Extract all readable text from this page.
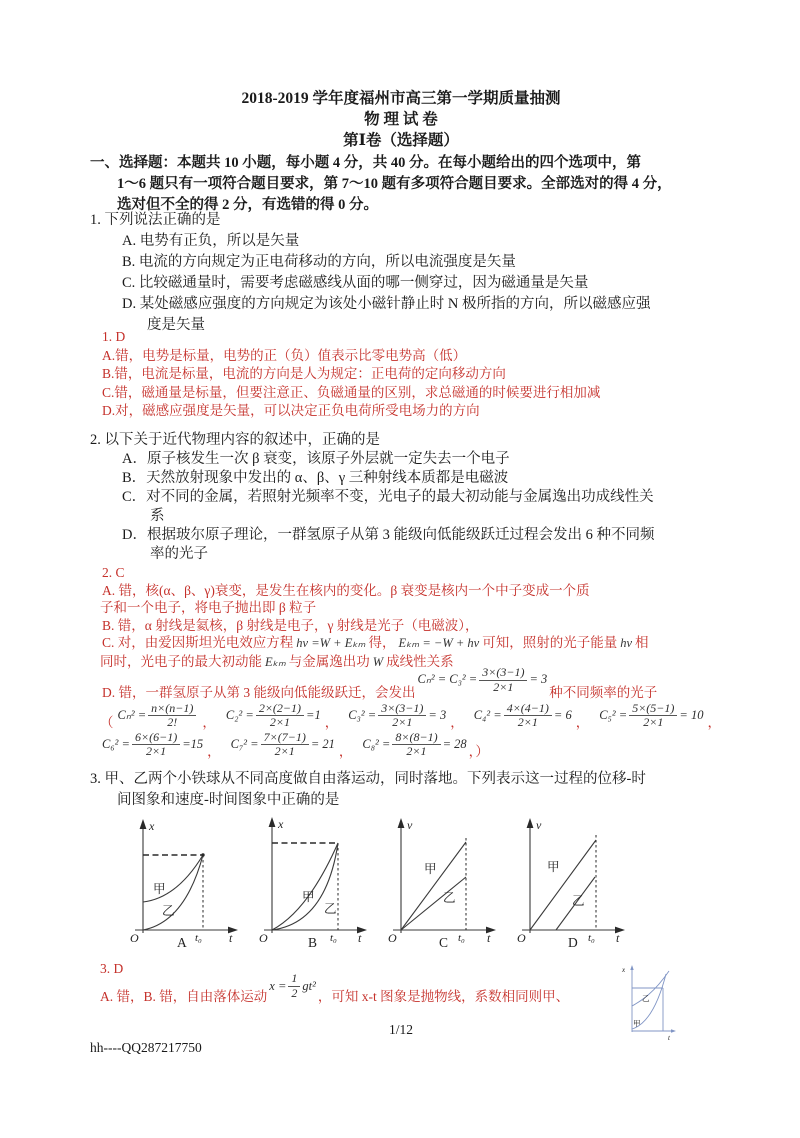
2018-2019 学年度福州市高三第一学期质量抽测
物 理 试 卷
第Ⅰ卷（选择题）
一、选择题：本题共 10 小题，每小题 4 分，共 40 分。在每小题给出的四个选项中，第
1～6 题只有一项符合题目要求，第 7～10 题有多项符合题目要求。全部选对的得 4 分，
选对但不全的得 2 分，有选错的得 0 分。
1. 下列说法正确的是
A. 电势有正负，所以是矢量
B. 电流的方向规定为正电荷移动的方向，所以电流强度是矢量
C. 比较磁通量时，需要考虑磁感线从面的哪一侧穿过，因为磁通量是矢量
D. 某处磁感应强度的方向规定为该处小磁针静止时 N 极所指的方向，所以磁感应强
度是矢量
1. D
A.错，电势是标量，电势的正（负）值表示比零电势高（低）
B.错，电流是标量，电流的方向是人为规定：正电荷的定向移动方向
C.错，磁通量是标量，但要注意正、负磁通量的区别，求总磁通的时候要进行相加减
D.对，磁感应强度是矢量，可以决定正负电荷所受电场力的方向
2. 以下关于近代物理内容的叙述中，正确的是
A．原子核发生一次 β 衰变，该原子外层就一定失去一个电子
B．天然放射现象中发出的 α、β、γ 三种射线本质都是电磁波
C．对不同的金属，若照射光频率不变，光电子的最大初动能与金属逸出功成线性关
系
D．根据玻尔原子理论，一群氢原子从第 3 能级向低能级跃迁过程会发出 6 种不同频
率的光子
2. C
A. 错，核(α、β、γ)衰变，是发生在核内的变化。β 衰变是核内一个中子变成一个质
子和一个电子，将电子抛出即 β 粒子
B. 错，α 射线是氦核，β 射线是电子，γ 射线是光子（电磁波），
C. 对，由爱因斯坦光电效应方程 hν =W + Eₖₘ 得， Eₖₘ = −W + hν 可知，照射的光子能量 hν 相
同时，光电子的最大初动能 Eₖₘ 与金属逸出功 W 成线性关系
D. 错，一群氢原子从第 3 能级向低能级跃迁，会发出
$C_n^2 = C_3^2 = \frac{3\times(3-1)}{2\times 1} = 3$
种不同频率的光子
（ $C_n^2 = \frac{n\times(n-1)}{2!}$ ， $C_2^2 = \frac{2\times(2-1)}{2\times 1} =1$ ， $C_3^2 = \frac{3\times(3-1)}{2\times 1} = 3$ ， $C_4^2 = \frac{4\times(4-1)}{2\times 1} = 6$ ， $C_5^2 = \frac{5\times(5-1)}{2\times 1} = 10$ ，
$C_6^2 = \frac{6\times(6-1)}{2\times 1} =15$ ， $C_7^2 = \frac{7\times(7-1)}{2\times 1} = 21$ ， $C_8^2 = \frac{8\times(8-1)}{2\times 1} = 28$ ，）
3. 甲、乙两个小铁球从不同高度做自由落运动，同时落地。下列表示这一过程的位移-时
间图象和速度-时间图象中正确的是
x
t
O	t₀
甲
乙
A
x
t
O	t₀
甲
乙
B
v
t
O	t₀
甲
乙
C
v
t
O	t₀
甲
乙
D
3. D
A. 错，B. 错，自由落体运动
$x = \frac{1}{2} gt^2$
，可知 x-t 图象是抛物线，系数相同则甲、
x
t
乙
甲
1/12
hh----QQ287217750
